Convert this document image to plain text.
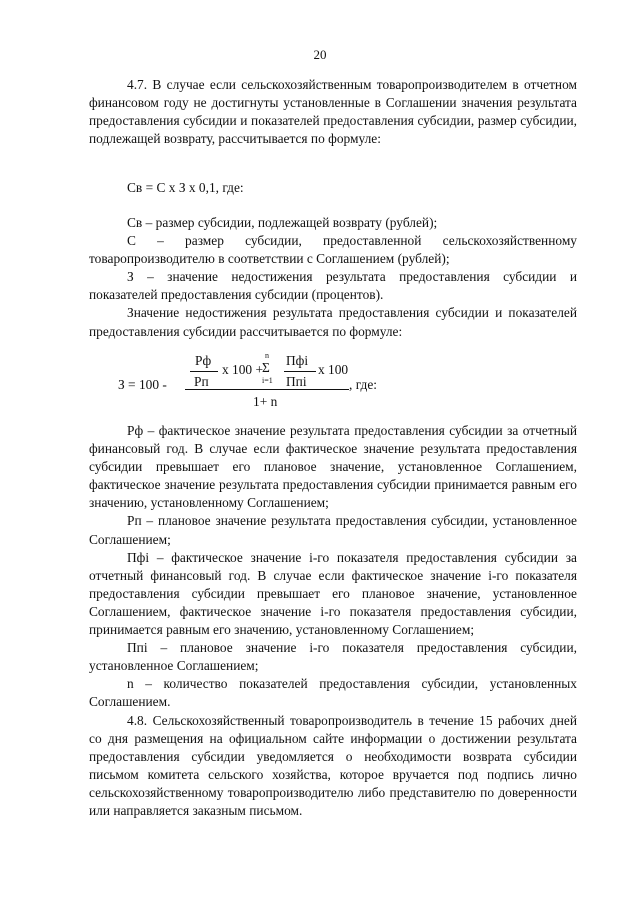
20

4.7. В случае если сельскохозяйственным товаропроизводителем в отчетном финансовом году не достигнуты установленные в Соглашении значения результата предоставления субсидии и показателей предоставления субсидии, размер субсидии, подлежащей возврату, рассчитывается по формуле:

Св = С х З х 0,1, где:

Св – размер субсидии, подлежащей возврату (рублей);

С – размер субсидии, предоставленной сельскохозяйственному товаропроизводителю в соответствии с Соглашением (рублей);

З – значение недостижения результата предоставления субсидии и показателей предоставления субсидии (процентов).

Значение недостижения результата предоставления субсидии и показателей предоставления субсидии рассчитывается по формуле:

З = 100 -
Рф
Рп
х 100 +
n
Σ
i=1
Пфi
Ппi
х 100
1+ n
, где:

Рф – фактическое значение результата предоставления субсидии за отчетный финансовый год. В случае если фактическое значение результата предоставления субсидии превышает его плановое значение, установленное Соглашением, фактическое значение результата предоставления субсидии принимается равным его значению, установленному Соглашением;

Рп – плановое значение результата предоставления субсидии, установленное Соглашением;

Пфi – фактическое значение i-го показателя предоставления субсидии за отчетный финансовый год. В случае если фактическое значение i-го показателя предоставления субсидии превышает его плановое значение, установленное Соглашением, фактическое значение i-го показателя предоставления субсидии, принимается равным его значению, установленному Соглашением;

Ппi – плановое значение i-го показателя предоставления субсидии, установленное Соглашением;

n – количество показателей предоставления субсидии, установленных Соглашением.

4.8. Сельскохозяйственный товаропроизводитель в течение 15 рабочих дней со дня размещения на официальном сайте информации о достижении результата предоставления субсидии уведомляется о необходимости возврата субсидии письмом комитета сельского хозяйства, которое вручается под подпись лично сельскохозяйственному товаропроизводителю либо представителю по доверенности или направляется заказным письмом.
